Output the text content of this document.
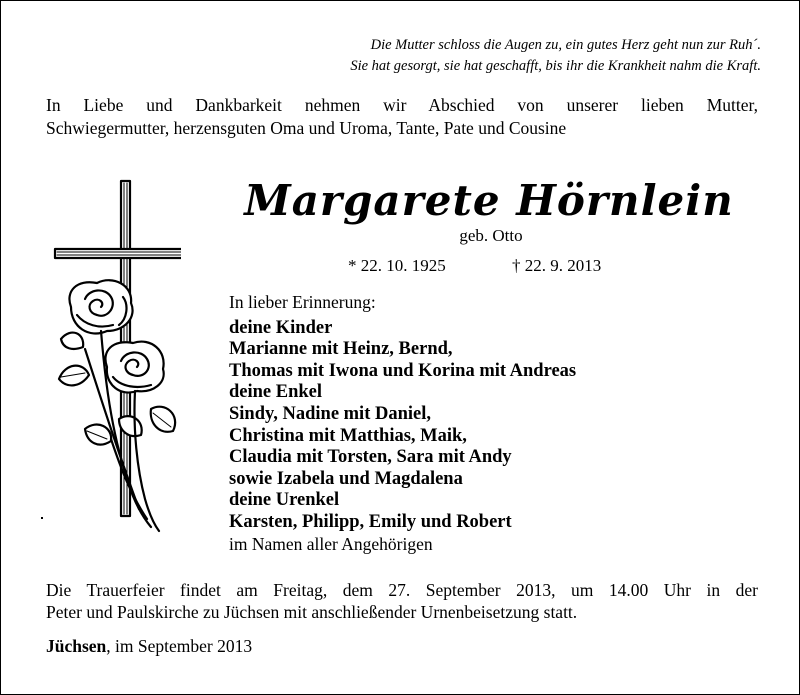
Die Mutter schloss die Augen zu, ein gutes Herz geht nun zur Ruh´.
Sie hat gesorgt, sie hat geschafft, bis ihr die Krankheit nahm die Kraft.
In Liebe und Dankbarkeit nehmen wir Abschied von unserer lieben Mutter,
Schwiegermutter, herzensguten Oma und Uroma, Tante, Pate und Cousine
Margarete Hörnlein
geb. Otto
* 22. 10. 1925	† 22. 9. 2013
In lieber Erinnerung:
deine Kinder
Marianne mit Heinz, Bernd,
Thomas mit Iwona und Korina mit Andreas
deine Enkel
Sindy, Nadine mit Daniel,
Christina mit Matthias, Maik,
Claudia mit Torsten, Sara mit Andy
sowie Izabela und Magdalena
deine Urenkel
Karsten, Philipp, Emily und Robert
im Namen aller Angehörigen
Die Trauerfeier findet am Freitag, dem 27. September 2013, um 14.00 Uhr in der
Peter und Paulskirche zu Jüchsen mit anschließender Urnenbeisetzung statt.
Jüchsen, im September 2013
